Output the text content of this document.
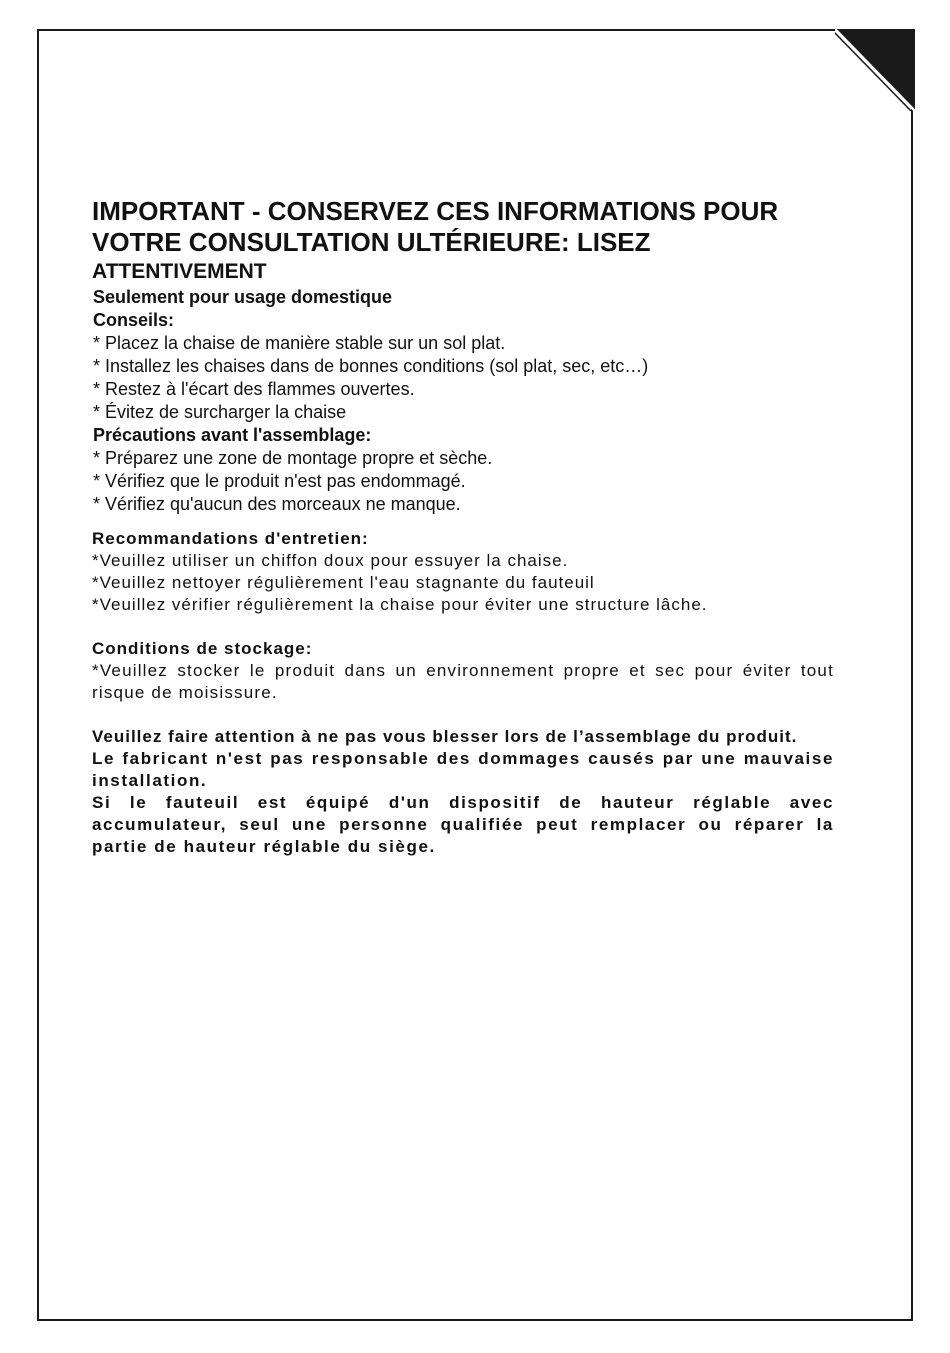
IMPORTANT - CONSERVEZ CES INFORMATIONS POUR

VOTRE CONSULTATION ULTÉRIEURE: LISEZ

ATTENTIVEMENT

Seulement pour usage domestique

Conseils:

* Placez la chaise de manière stable sur un sol plat.

* Installez les chaises dans de bonnes conditions (sol plat, sec, etc…)

* Restez à l'écart des flammes ouvertes.

* Évitez de surcharger la chaise

Précautions avant l'assemblage:

* Préparez une zone de montage propre et sèche.

* Vérifiez que le produit n'est pas endommagé.

* Vérifiez qu'aucun des morceaux ne manque.

Recommandations d'entretien:

*Veuillez utiliser un chiffon doux pour essuyer la chaise.

*Veuillez nettoyer régulièrement l'eau stagnante du fauteuil

*Veuillez vérifier régulièrement la chaise pour éviter une structure lâche.

Conditions de stockage:

*Veuillez stocker le produit dans un environnement propre et sec pour éviter tout risque de moisissure.

Veuillez faire attention à ne pas vous blesser lors de l’assemblage du produit.

Le fabricant n'est pas responsable des dommages causés par une mauvaise installation.

Si le fauteuil est équipé d'un dispositif de hauteur réglable avec accumulateur, seul une personne qualifiée peut remplacer ou réparer la partie de hauteur réglable du siège.
